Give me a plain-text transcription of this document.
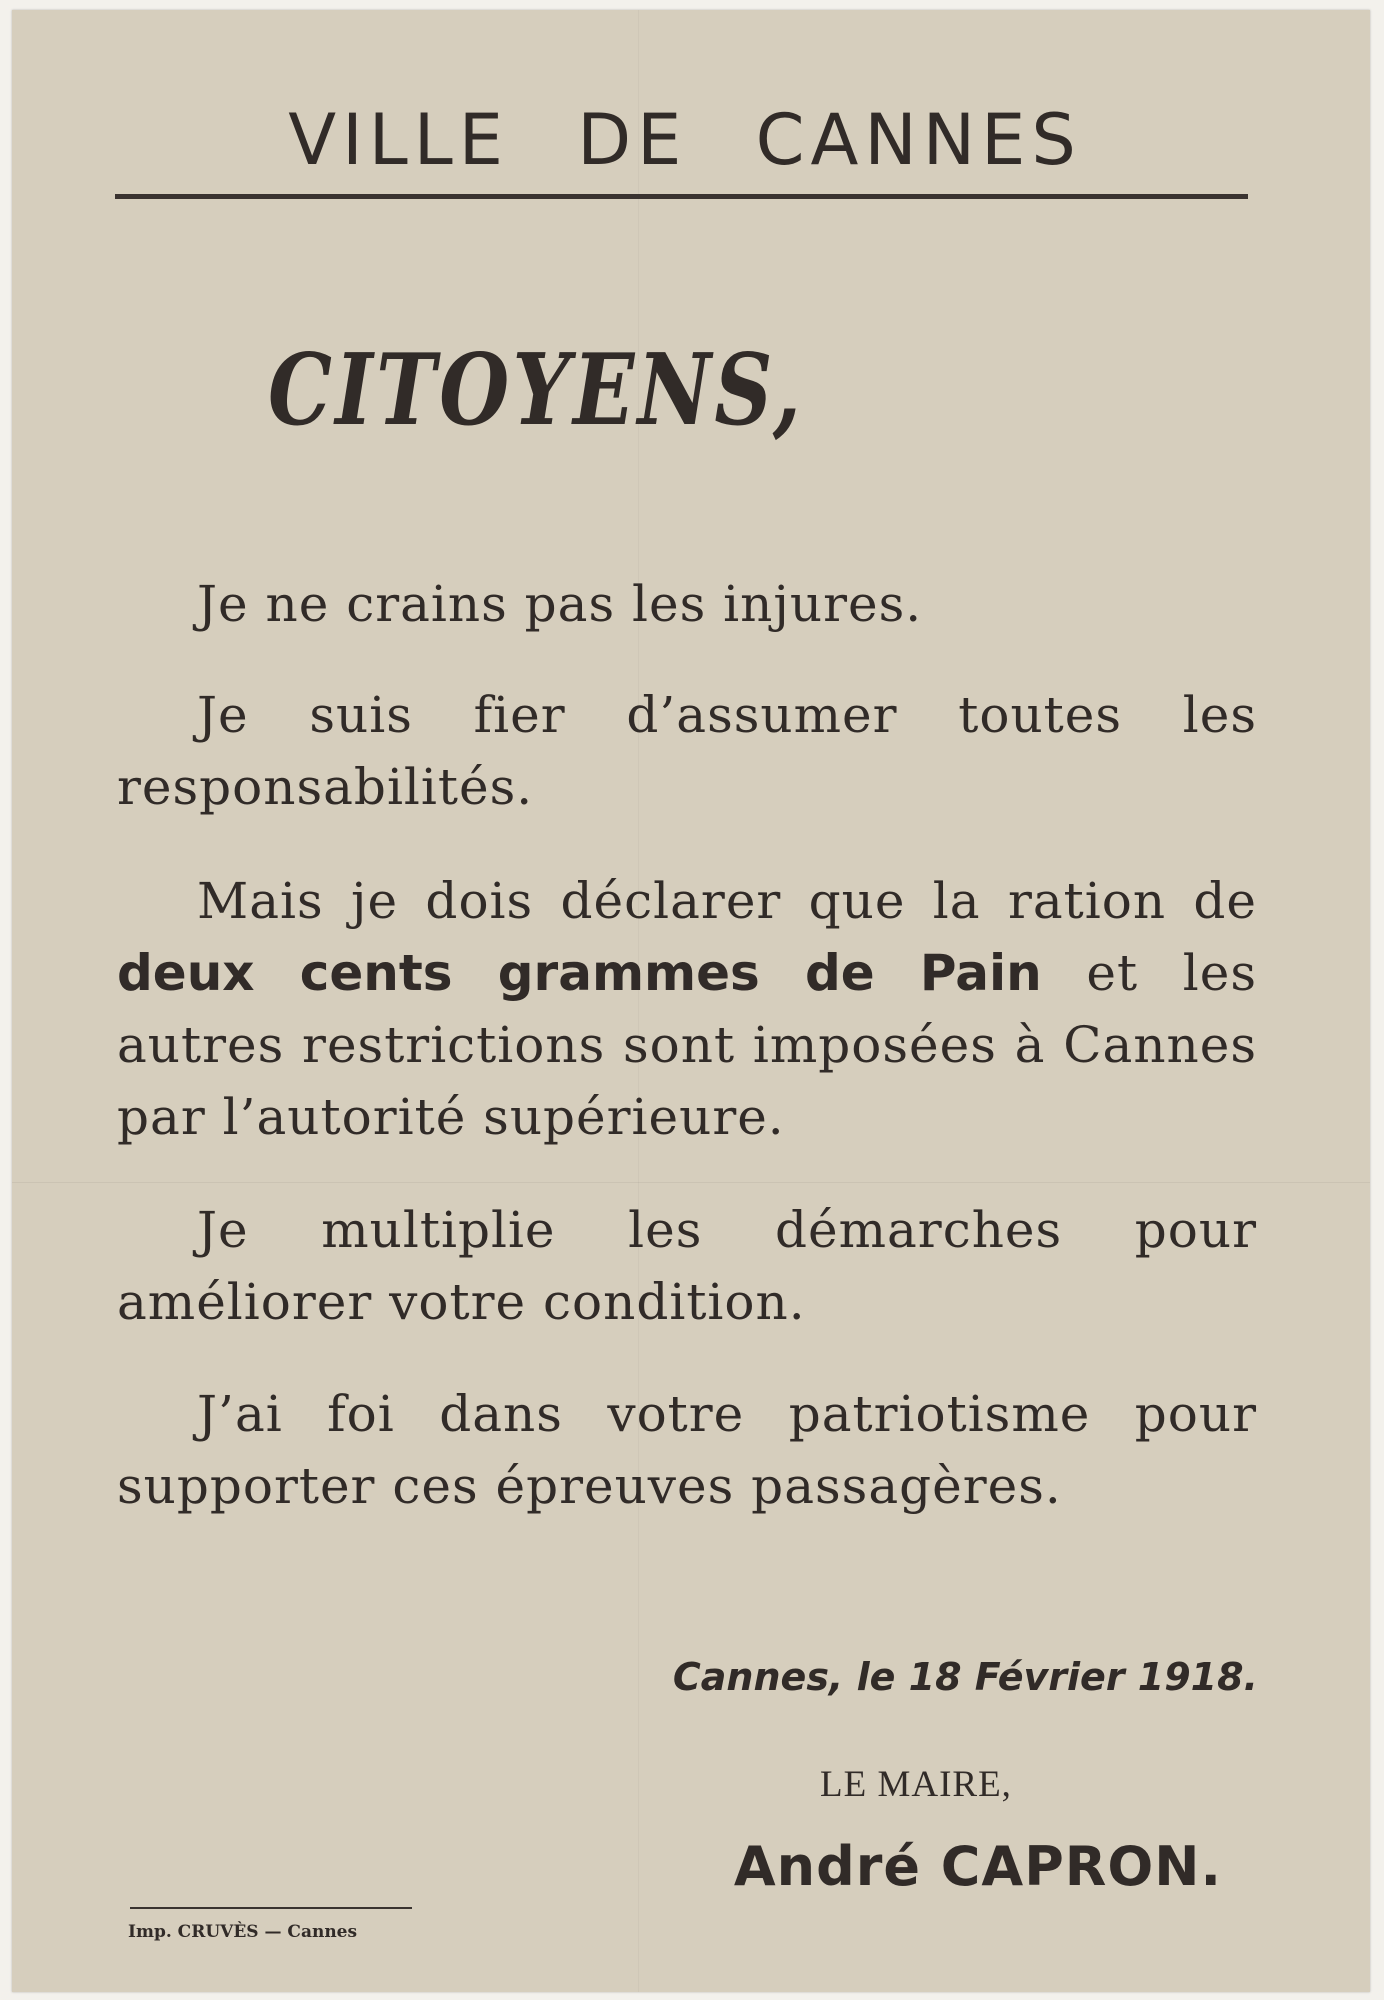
VILLE DE CANNES
CITOYENS,

Je ne crains pas les injures.

Je suis fier d’assumer toutes les responsabilités.

Mais je dois déclarer que la ration de deux cents grammes de Pain et les autres restrictions sont imposées à Cannes par l’autorité supérieure.

Je multiplie les démarches pour améliorer votre condition.

J’ai foi dans votre patriotisme pour supporter ces épreuves passagères.

Cannes, le 18 Février 1918.

LE MAIRE,

André CAPRON.

Imp. CRUVÈS — Cannes
